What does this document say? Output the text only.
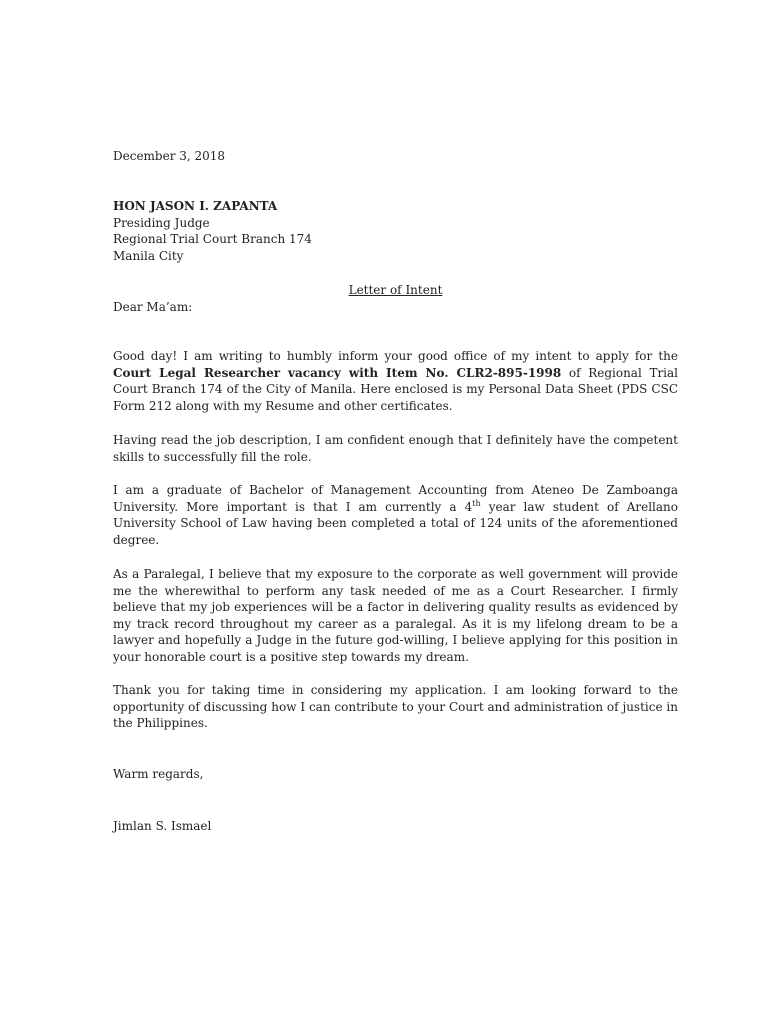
December 3, 2018
HON JASON I. ZAPANTA
Presiding Judge
Regional Trial Court Branch 174
Manila City
Letter of Intent
Dear Ma’am:
Good day! I am writing to humbly inform your good office of my intent to apply for the Court Legal Researcher vacancy with Item No. CLR2-895-1998 of Regional Trial Court Branch 174 of the City of Manila. Here enclosed is my Personal Data Sheet (PDS CSC Form 212 along with my Resume and other certificates.
Having read the job description, I am confident enough that I definitely have the competent skills to successfully fill the role.
I am a graduate of Bachelor of Management Accounting from Ateneo De Zamboanga University. More important is that I am currently a 4th year law student of Arellano University School of Law having been completed a total of 124 units of the aforementioned degree.
As a Paralegal, I believe that my exposure to the corporate as well government will provide me the wherewithal to perform any task needed of me as a Court Researcher. I firmly believe that my job experiences will be a factor in delivering quality results as evidenced by my track record throughout my career as a paralegal. As it is my lifelong dream to be a lawyer and hopefully a Judge in the future god-willing, I believe applying for this position in your honorable court is a positive step towards my dream.
Thank you for taking time in considering my application. I am looking forward to the opportunity of discussing how I can contribute to your Court and administration of justice in the Philippines.
Warm regards,
Jimlan S. Ismael
